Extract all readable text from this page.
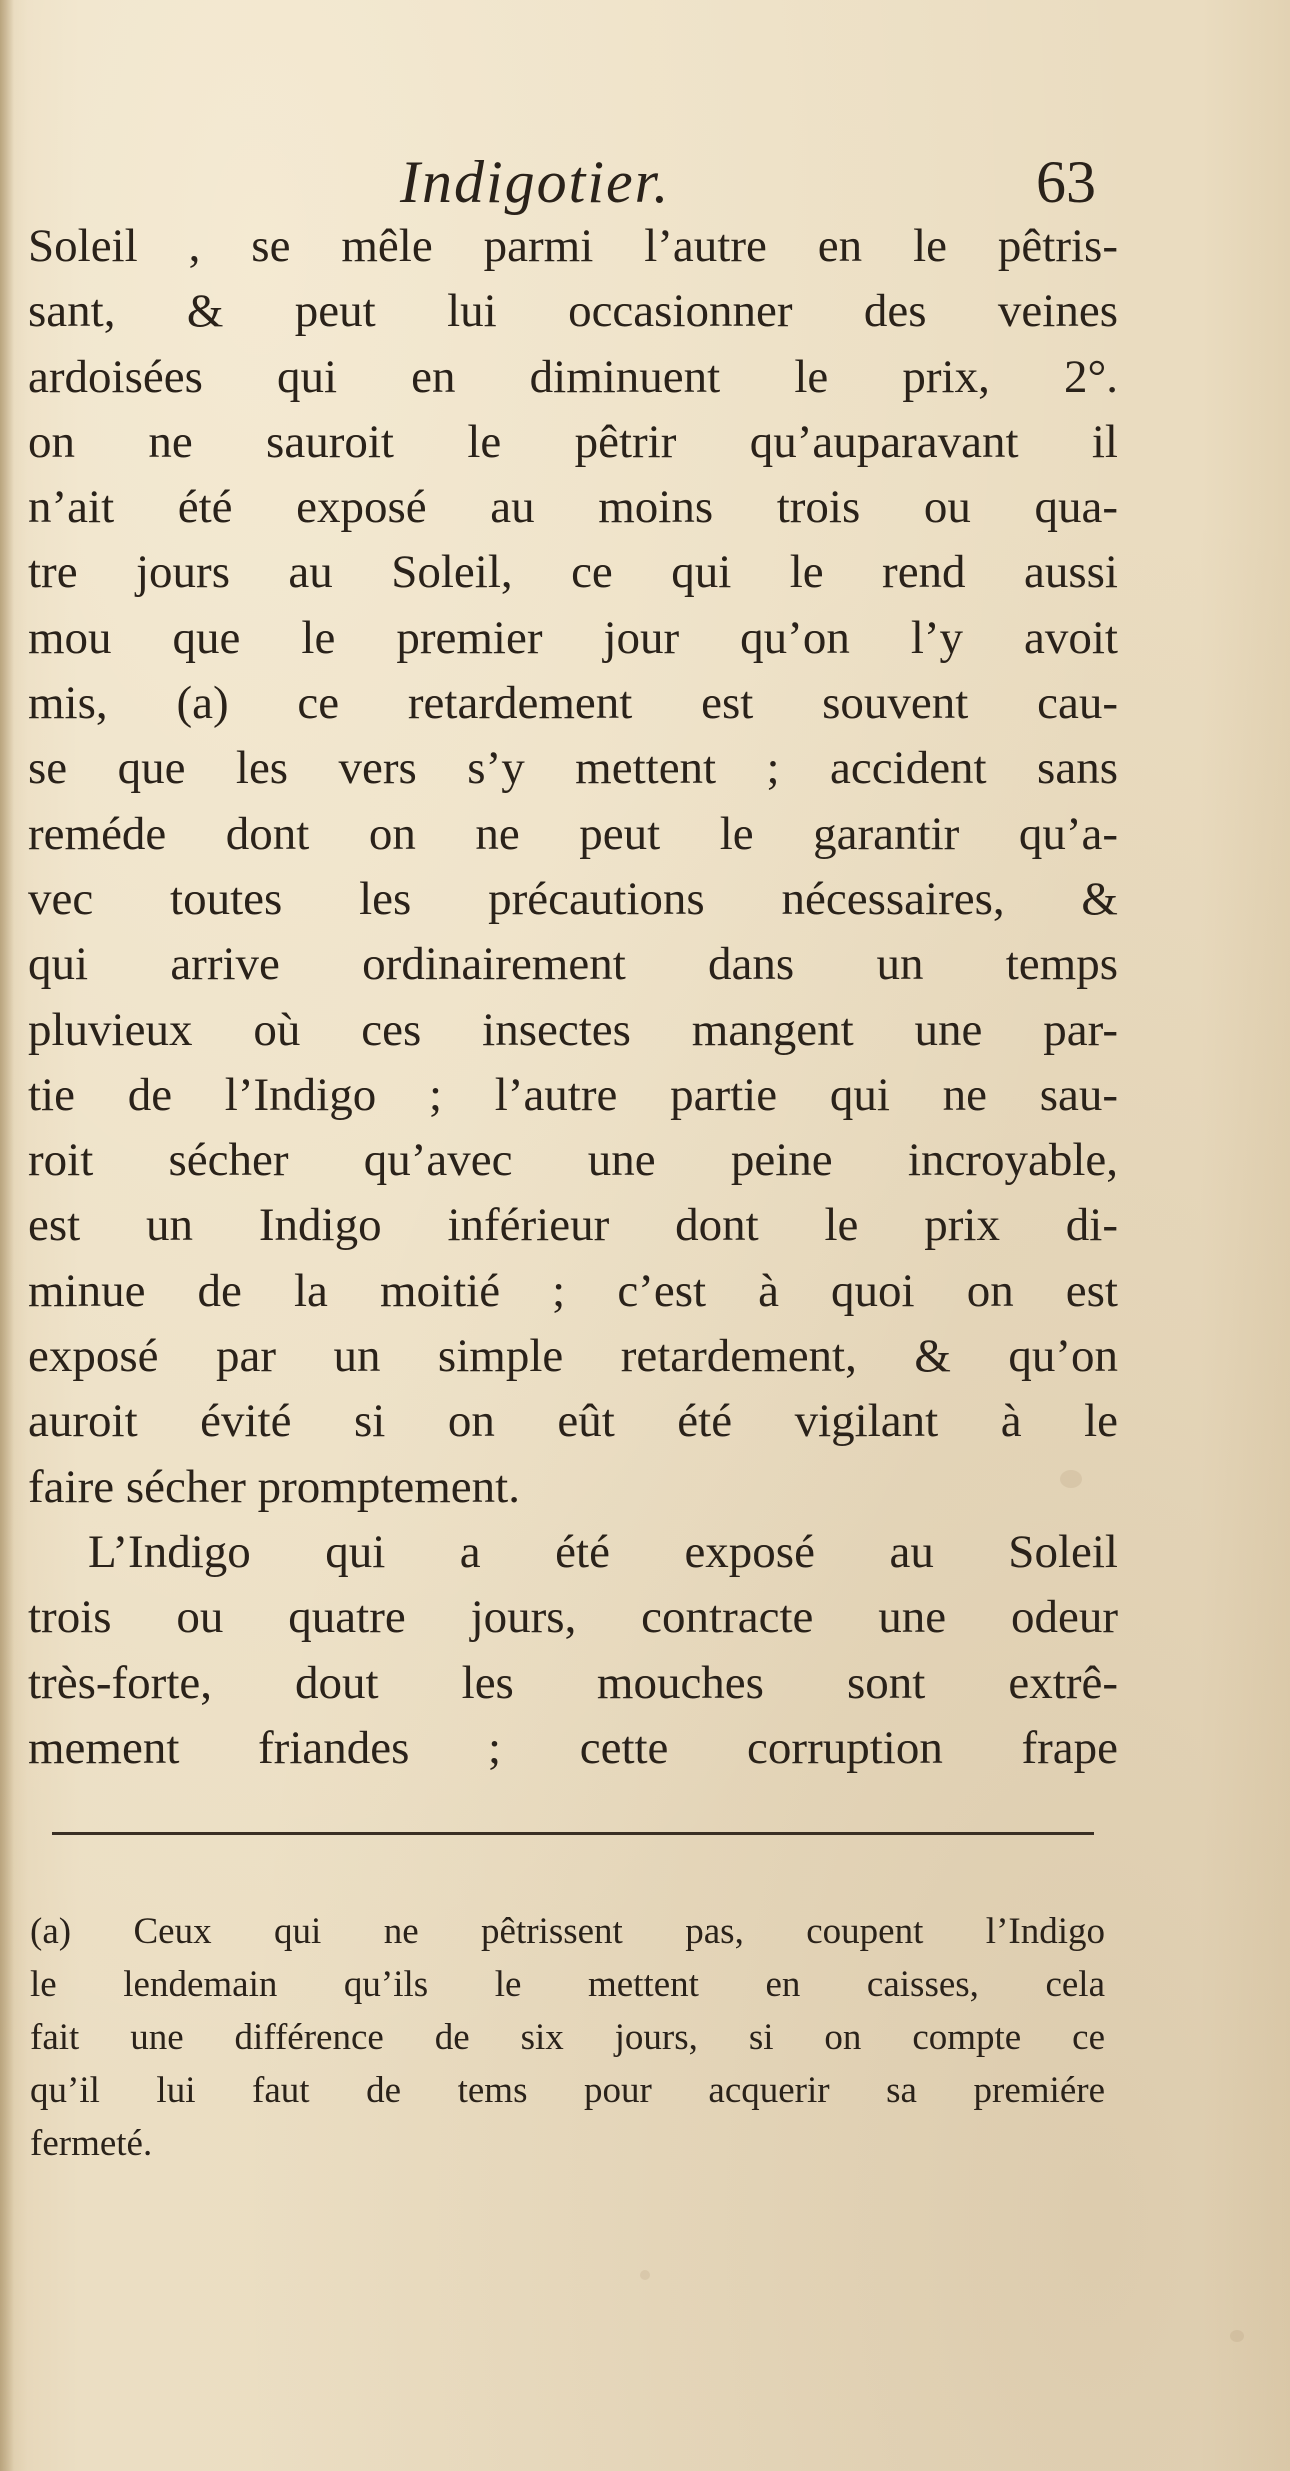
Indigotier.	63
Soleil , se mêle parmi l’autre en le pêtris-
sant, & peut lui occasionner des veines
ardoisées qui en diminuent le prix, 2°.
on ne sauroit le pêtrir qu’auparavant il
n’ait été exposé au moins trois ou qua-
tre jours au Soleil, ce qui le rend aussi
mou que le premier jour qu’on l’y avoit
mis, (a) ce retardement est souvent cau-
se que les vers s’y mettent ; accident sans
reméde dont on ne peut le garantir qu’a-
vec toutes les précautions nécessaires, &
qui arrive ordinairement dans un temps
pluvieux où ces insectes mangent une par-
tie de l’Indigo ; l’autre partie qui ne sau-
roit sécher qu’avec une peine incroyable,
est un Indigo inférieur dont le prix di-
minue de la moitié ; c’est à quoi on est
exposé par un simple retardement, & qu’on
auroit évité si on eût été vigilant à le
faire sécher promptement.
L’Indigo qui a été exposé au Soleil
trois ou quatre jours, contracte une odeur
très-forte, dout les mouches sont extrê-
mement friandes ; cette corruption frape
(a) Ceux qui ne pêtrissent pas, coupent l’Indigo
le lendemain qu’ils le mettent en caisses, cela
fait une différence de six jours, si on compte ce
qu’il lui faut de tems pour acquerir sa premiére
fermeté.
